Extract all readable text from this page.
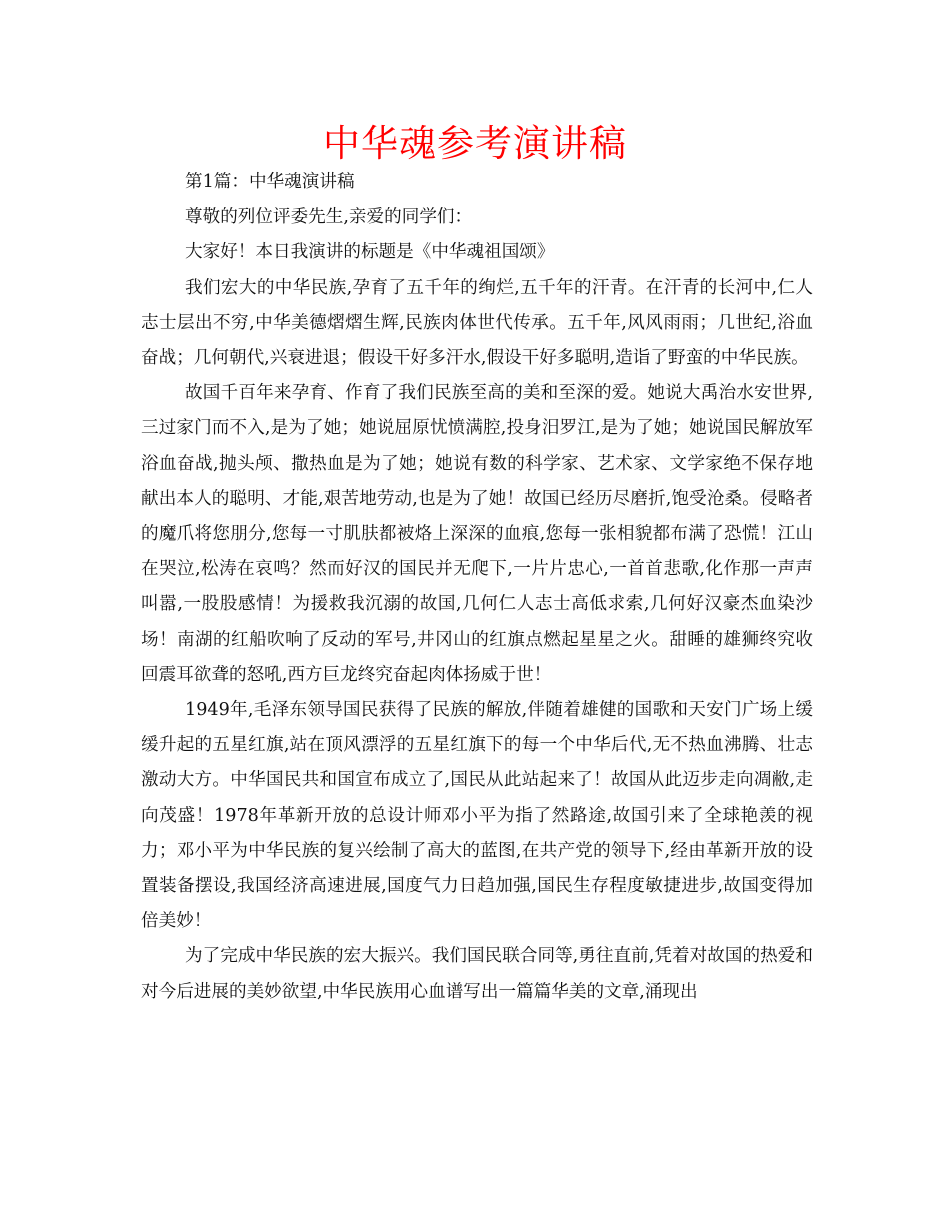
中华魂参考演讲稿

第1篇：中华魂演讲稿

尊敬的列位评委先生,亲爱的同学们：

大家好！本日我演讲的标题是《中华魂祖国颂》

我们宏大的中华民族,孕育了五千年的绚烂,五千年的汗青。在汗青的长河中,仁人志士层出不穷,中华美德熠熠生辉,民族肉体世代传承。五千年,风风雨雨；几世纪,浴血奋战；几何朝代,兴衰进退；假设干好多汗水,假设干好多聪明,造诣了野蛮的中华民族。

故国千百年来孕育、作育了我们民族至高的美和至深的爱。她说大禹治水安世界,三过家门而不入,是为了她；她说屈原忧愤满腔,投身汨罗江,是为了她；她说国民解放军浴血奋战,抛头颅、撒热血是为了她；她说有数的科学家、艺术家、文学家绝不保存地献出本人的聪明、才能,艰苦地劳动,也是为了她！故国已经历尽磨折,饱受沧桑。侵略者的魔爪将您朋分,您每一寸肌肤都被烙上深深的血痕,您每一张相貌都布满了恐慌！江山在哭泣,松涛在哀鸣？然而好汉的国民并无爬下,一片片忠心,一首首悲歌,化作那一声声叫嚣,一股股感情！为援救我沉溺的故国,几何仁人志士高低求索,几何好汉豪杰血染沙场！南湖的红船吹响了反动的军号,井冈山的红旗点燃起星星之火。甜睡的雄狮终究收回震耳欲聋的怒吼,西方巨龙终究奋起肉体扬威于世！

1949年,毛泽东领导国民获得了民族的解放,伴随着雄健的国歌和天安门广场上缓缓升起的五星红旗,站在顶风漂浮的五星红旗下的每一个中华后代,无不热血沸腾、壮志激动大方。中华国民共和国宣布成立了,国民从此站起来了！故国从此迈步走向凋敝,走向茂盛！1978年革新开放的总设计师邓小平为指了然路途,故国引来了全球艳羡的视力；邓小平为中华民族的复兴绘制了高大的蓝图,在共产党的领导下,经由革新开放的设置装备摆设,我国经济高速进展,国度气力日趋加强,国民生存程度敏捷进步,故国变得加倍美妙！

为了完成中华民族的宏大振兴。我们国民联合同等,勇往直前,凭着对故国的热爱和对今后进展的美妙欲望,中华民族用心血谱写出一篇篇华美的文章,涌现出
